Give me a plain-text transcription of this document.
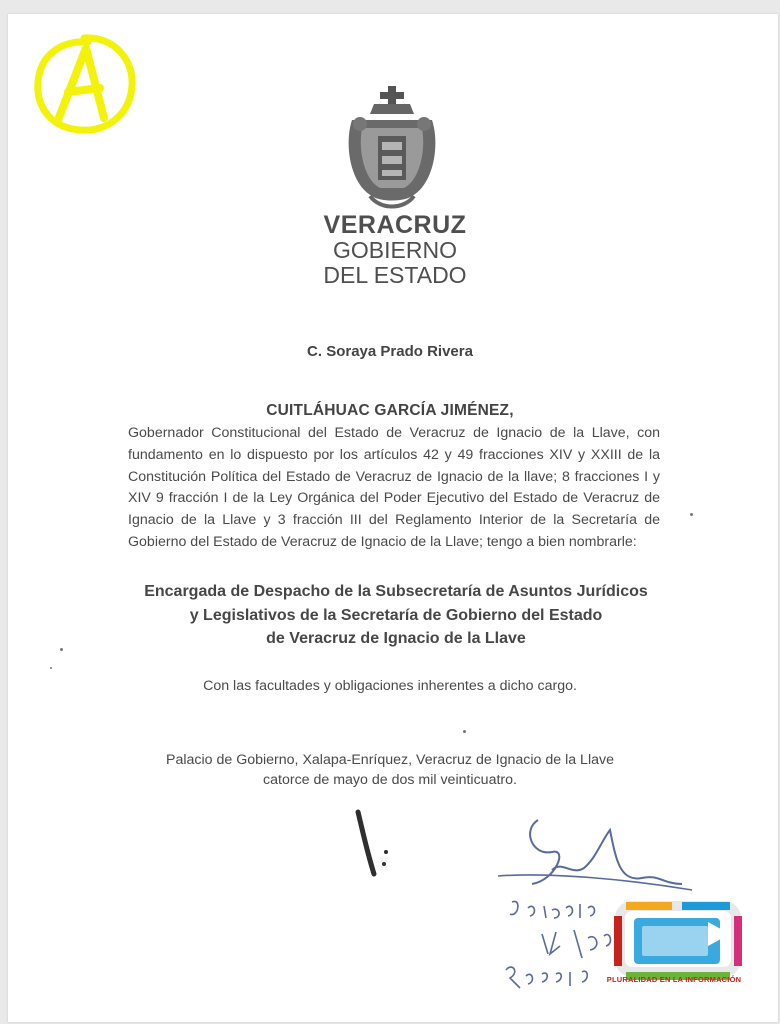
VERACRUZ
GOBIERNO
DEL ESTADO
C. Soraya Prado Rivera
CUITLÁHUAC GARCÍA JIMÉNEZ,
Gobernador Constitucional del Estado de Veracruz de Ignacio de la Llave, con fundamento en lo dispuesto por los artículos 42 y 49 fracciones XIV y XXIII de la Constitución Política del Estado de Veracruz de Ignacio de la llave; 8 fracciones I y XIV 9 fracción I de la Ley Orgánica del Poder Ejecutivo del Estado de Veracruz de Ignacio de la Llave y 3 fracción III del Reglamento Interior de la Secretaría de Gobierno del Estado de Veracruz de Ignacio de la Llave; tengo a bien nombrarle:
Encargada de Despacho de la Subsecretaría de Asuntos Jurídicos
y Legislativos de la Secretaría de Gobierno del Estado
de Veracruz de Ignacio de la Llave
Con las facultades y obligaciones inherentes a dicho cargo.
Palacio de Gobierno, Xalapa-Enríquez, Veracruz de Ignacio de la Llave
catorce de mayo de dos mil veinticuatro.
PLURALIDAD EN LA INFORMACIÓN
